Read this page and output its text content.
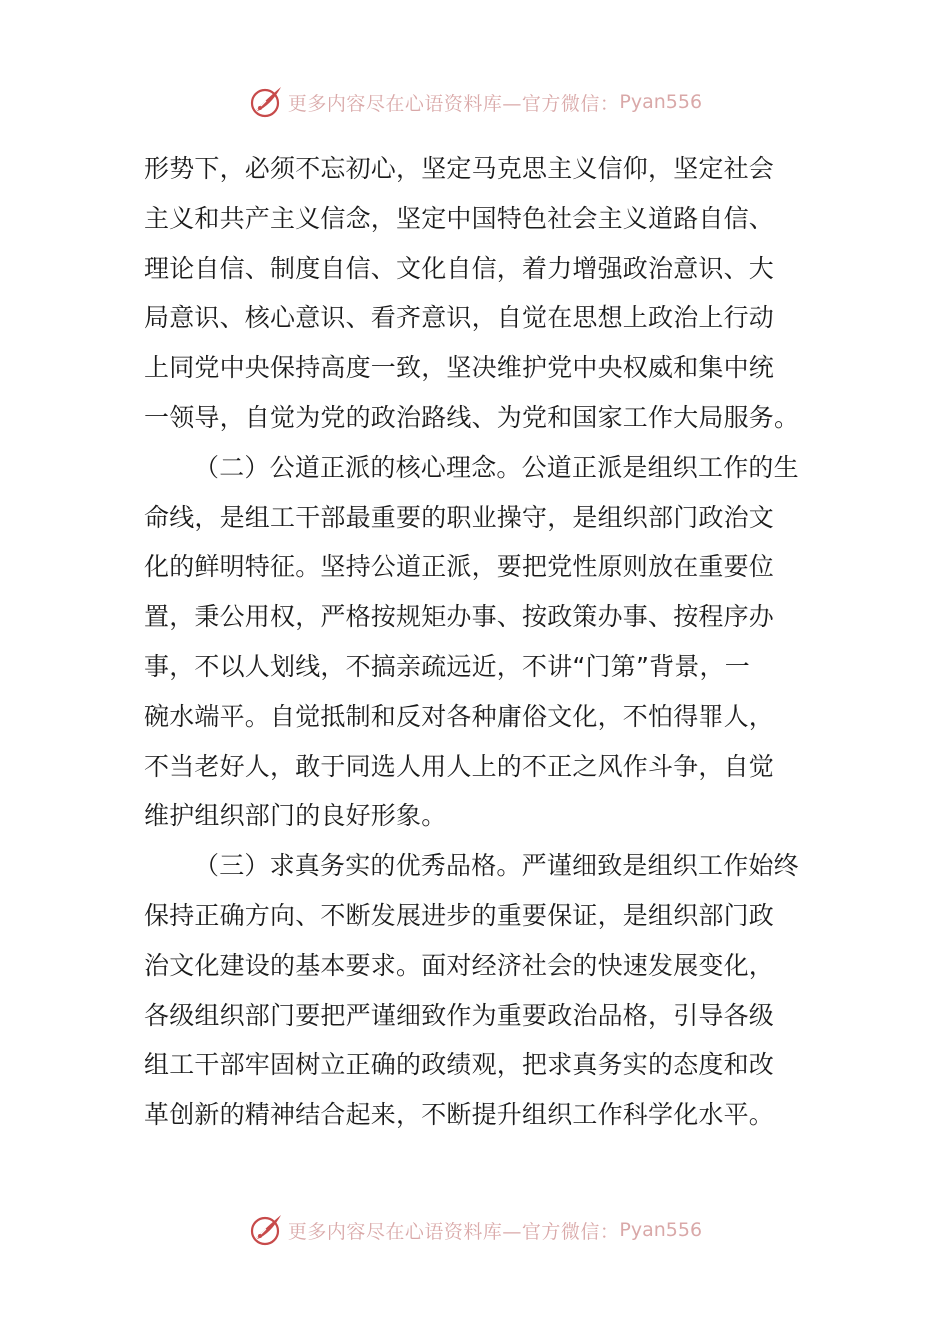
更多内容尽在心语资料库—官方微信： Pyan556
形势下，必须不忘初心，坚定马克思主义信仰，坚定社会
主义和共产主义信念，坚定中国特色社会主义道路自信、
理论自信、制度自信、文化自信，着力增强政治意识、大
局意识、核心意识、看齐意识，自觉在思想上政治上行动
上同党中央保持高度一致，坚决维护党中央权威和集中统
一领导，自觉为党的政治路线、为党和国家工作大局服务。
（二）公道正派的核心理念。公道正派是组织工作的生
命线，是组工干部最重要的职业操守，是组织部门政治文
化的鲜明特征。坚持公道正派，要把党性原则放在重要位
置，秉公用权，严格按规矩办事、按政策办事、按程序办
事，不以人划线，不搞亲疏远近，不讲“门第”背景，一
碗水端平。自觉抵制和反对各种庸俗文化，不怕得罪人，
不当老好人，敢于同选人用人上的不正之风作斗争，自觉
维护组织部门的良好形象。
（三）求真务实的优秀品格。严谨细致是组织工作始终
保持正确方向、不断发展进步的重要保证，是组织部门政
治文化建设的基本要求。面对经济社会的快速发展变化，
各级组织部门要把严谨细致作为重要政治品格，引导各级
组工干部牢固树立正确的政绩观，把求真务实的态度和改
革创新的精神结合起来，不断提升组织工作科学化水平。
更多内容尽在心语资料库—官方微信： Pyan556
